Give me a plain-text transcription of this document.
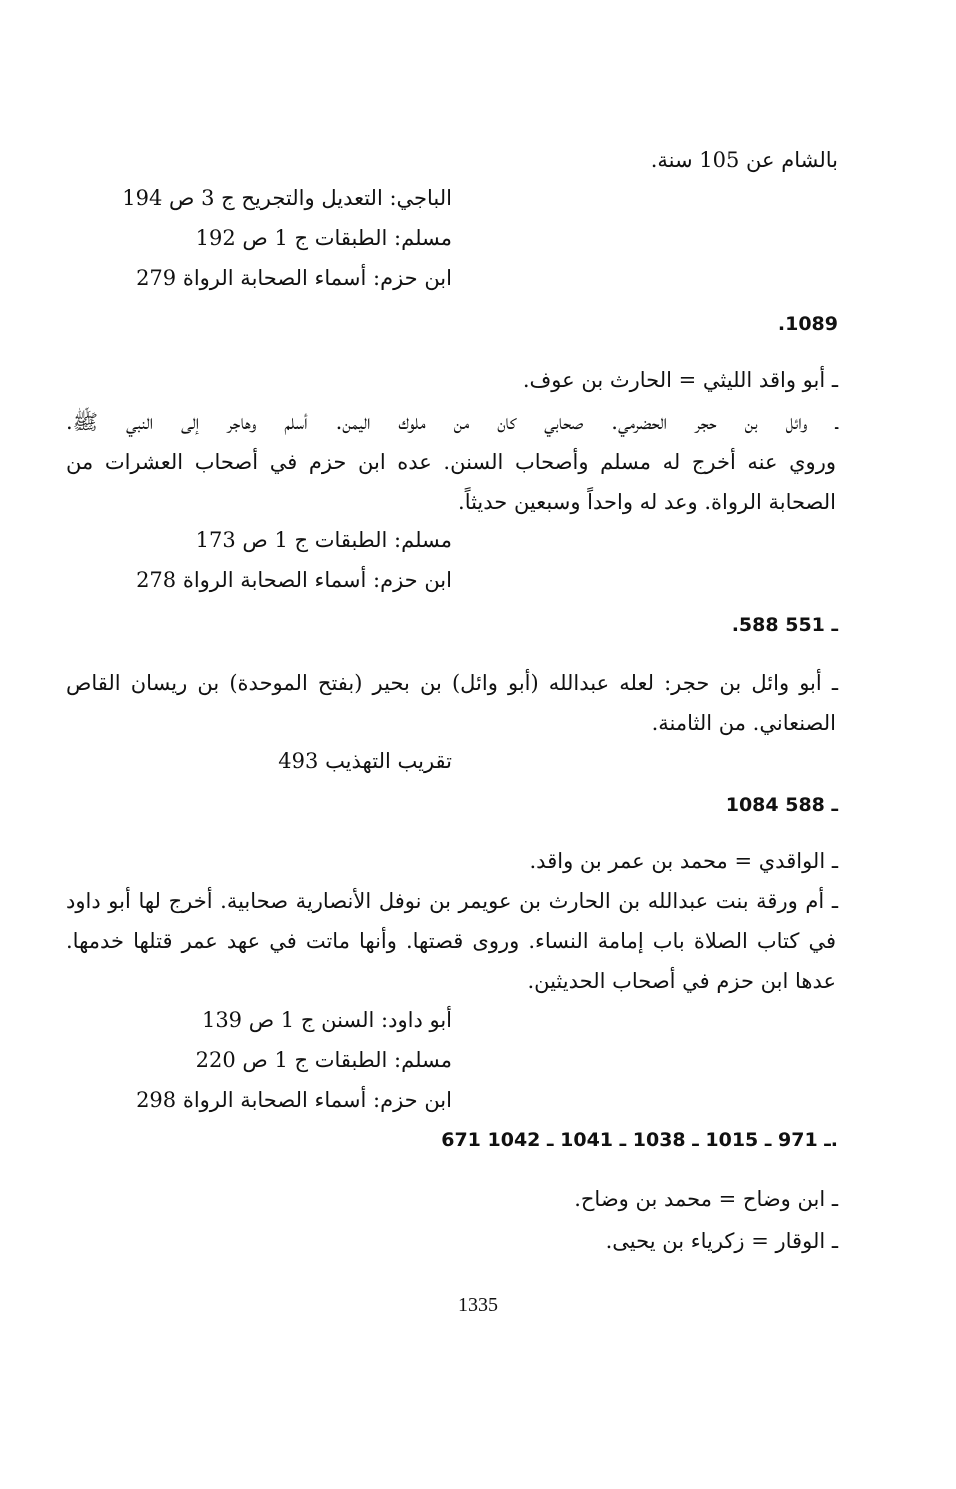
بالشام عن 105 سنة.
الباجي: التعديل والتجريح ج 3 ص 194
مسلم: الطبقات ج 1 ص 192
ابن حزم: أسماء الصحابة الرواة 279
.1089
ـ أبو واقد الليثي = الحارث بن عوف.
ـ وائل بن حجر الحضرمي. صحابي كان من ملوك اليمن. أسلم وهاجر إلى النبي ﷺ.
وروي عنه أخرج له مسلم وأصحاب السنن. عده ابن حزم في أصحاب العشرات من
الصحابة الرواة. وعد له واحداً وسبعين حديثاً.
مسلم: الطبقات ج 1 ص 173
ابن حزم: أسماء الصحابة الرواة 278
.588 ـ 551
ـ أبو وائل بن حجر: لعله عبدالله (أبو وائل) بن بحير (بفتح الموحدة) بن ريسان القاص
الصنعاني. من الثامنة.
تقريب التهذيب 493
1084 ـ 588
ـ الواقدي = محمد بن عمر بن واقد.
ـ أم ورقة بنت عبدالله بن الحارث بن عويمر بن نوفل الأنصارية صحابية. أخرج لها أبو داود
في كتاب الصلاة باب إمامة النساء. وروى قصتها. وأنها ماتت في عهد عمر قتلها خدمها.
عدها ابن حزم في أصحاب الحديثين.
أبو داود: السنن ج 1 ص 139
مسلم: الطبقات ج 1 ص 220
ابن حزم: أسماء الصحابة الرواة 298
671 ـ 971 ـ 1015 ـ 1038 ـ 1041 ـ 1042.
ـ ابن وضاح = محمد بن وضاح.
ـ الوقار = زكرياء بن يحيى.
1335
